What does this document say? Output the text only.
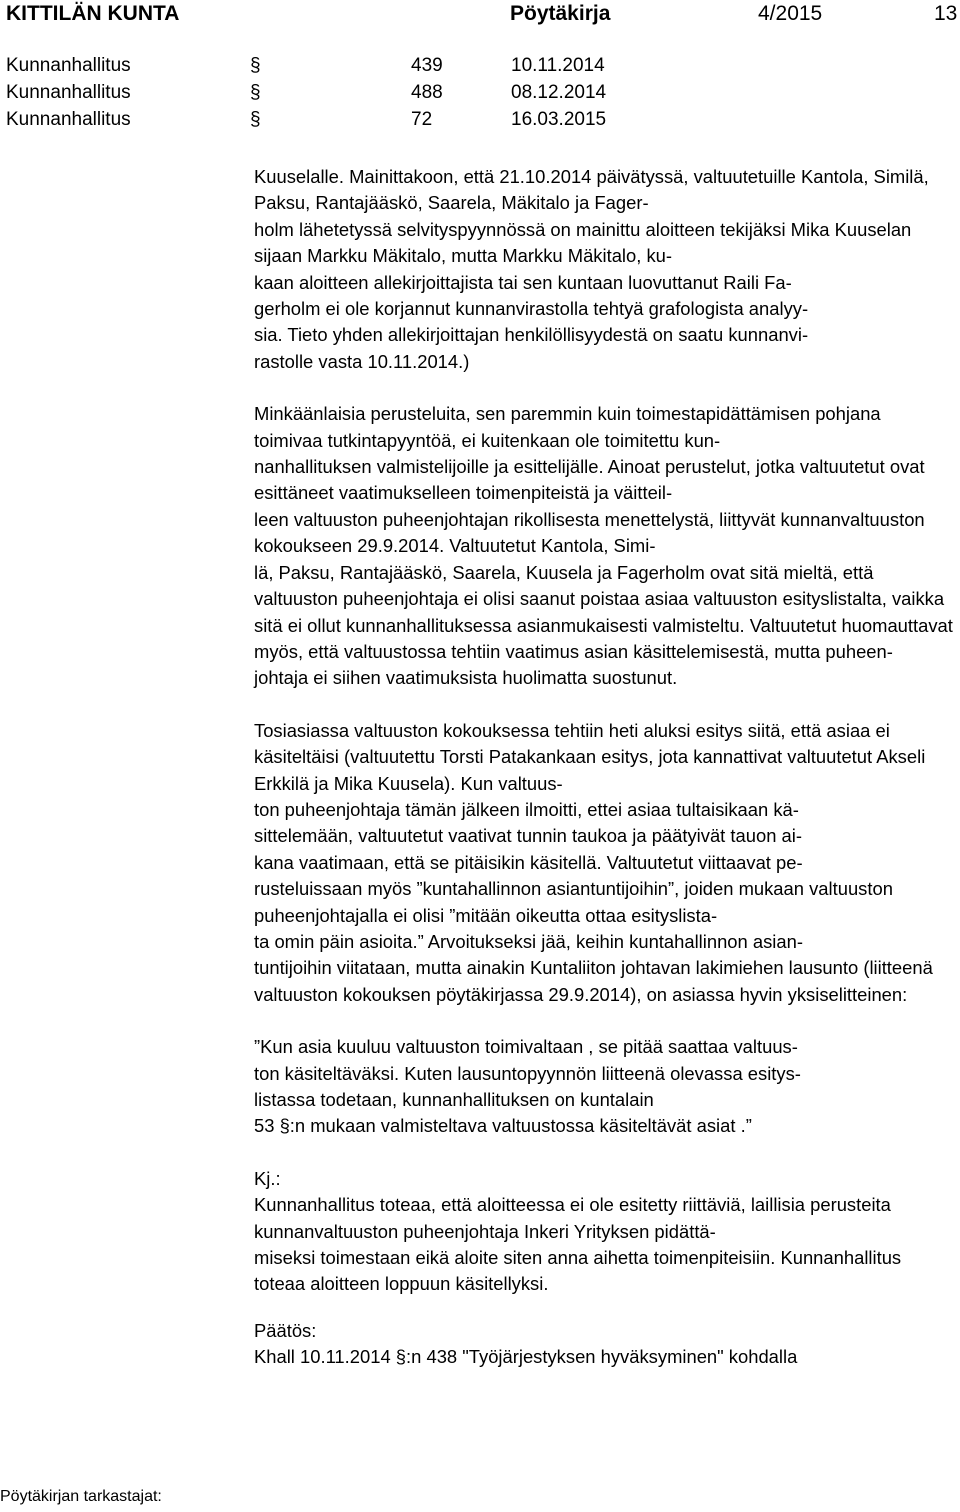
KITTILÄN KUNTA	Pöytäkirja	4/2015	13
Kunnanhallitus	§	439	10.11.2014
Kunnanhallitus	§	488	08.12.2014
Kunnanhallitus	§	72	16.03.2015

Kuuselalle. Mainittakoon, että 21.10.2014 päivätyssä, valtuutetuille Kantola, Similä, Paksu, Rantajääskö, Saarela, Mäkitalo ja Fager-
holm lähetetyssä selvityspyynnössä on mainittu aloitteen tekijäksi Mika Kuuselan sijaan Markku Mäkitalo, mutta Markku Mäkitalo, ku-
kaan aloitteen allekirjoittajista tai sen kuntaan luovuttanut Raili Fa-
gerholm ei ole korjannut kunnanvirastolla tehtyä grafologista analyy-
sia. Tieto yhden allekirjoittajan henkilöllisyydestä on saatu kunnanvi-
rastolle vasta 10.11.2014.)

Minkäänlaisia perusteluita, sen paremmin kuin toimestapidättämisen pohjana toimivaa tutkintapyyntöä, ei kuitenkaan ole toimitettu kun-
nanhallituksen valmistelijoille ja esittelijälle. Ainoat perustelut, jotka valtuutetut ovat esittäneet vaatimukselleen toimenpiteistä ja väitteil-
leen valtuuston puheenjohtajan rikollisesta menettelystä, liittyvät kunnanvaltuuston kokoukseen 29.9.2014. Valtuutetut Kantola, Simi-
lä, Paksu, Rantajääskö, Saarela, Kuusela ja Fagerholm ovat sitä mieltä, että valtuuston puheenjohtaja ei olisi saanut poistaa asiaa valtuuston esityslistalta, vaikka sitä ei ollut kunnanhallituksessa asianmukaisesti valmisteltu. Valtuutetut huomauttavat myös, että valtuustossa tehtiin vaatimus asian käsittelemisestä, mutta puheen-
johtaja ei siihen vaatimuksista huolimatta suostunut.

Tosiasiassa valtuuston kokouksessa tehtiin heti aluksi esitys siitä, että asiaa ei käsiteltäisi (valtuutettu Torsti Patakankaan esitys, jota kannattivat valtuutetut Akseli Erkkilä ja Mika Kuusela). Kun valtuus-
ton puheenjohtaja tämän jälkeen ilmoitti, ettei asiaa tultaisikaan kä-
sittelemään, valtuutetut vaativat tunnin taukoa ja päätyivät tauon ai-
kana vaatimaan, että se pitäisikin käsitellä. Valtuutetut viittaavat pe-
rusteluissaan myös ”kuntahallinnon asiantuntijoihin”, joiden mukaan valtuuston puheenjohtajalla ei olisi ”mitään oikeutta ottaa esityslista-
ta omin päin asioita.” Arvoitukseksi jää, keihin kuntahallinnon asian-
tuntijoihin viitataan, mutta ainakin Kuntaliiton johtavan lakimiehen lausunto (liitteenä valtuuston kokouksen pöytäkirjassa 29.9.2014), on asiassa hyvin yksiselitteinen:

”Kun asia kuuluu valtuuston toimivaltaan , se pitää saattaa valtuus-
ton käsiteltäväksi. Kuten lausuntopyynnön liitteenä olevassa esitys-
listassa todetaan, kunnanhallituksen on kuntalain
53 §:n mukaan valmisteltava valtuustossa käsiteltävät asiat .”

Kj.:
Kunnanhallitus toteaa, että aloitteessa ei ole esitetty riittäviä, laillisia perusteita kunnanvaltuuston puheenjohtaja Inkeri Yrityksen pidättä-
miseksi toimestaan eikä aloite siten anna aihetta toimenpiteisiin. Kunnanhallitus toteaa aloitteen loppuun käsitellyksi.

Päätös:
Khall 10.11.2014 §:n 438 "Työjärjestyksen hyväksyminen" kohdalla

Pöytäkirjan tarkastajat:
